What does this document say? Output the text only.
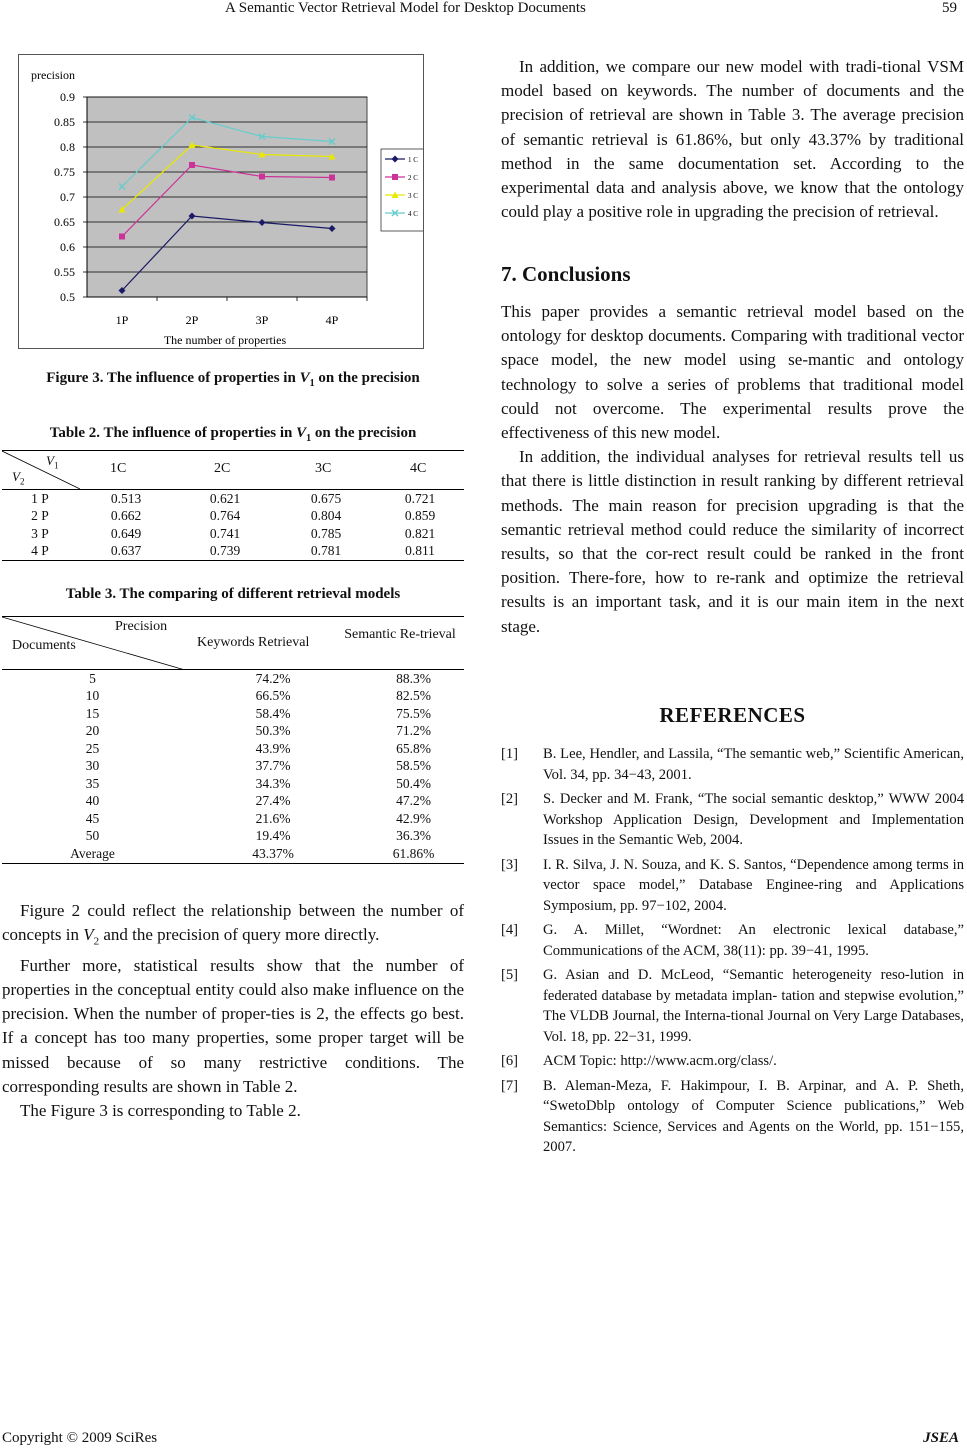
A Semantic Vector Retrieval Model for Desktop Documents	59
0.9
0.85
0.8
0.75
0.7
0.65
0.6
0.55
0.5
1P	2P	3P	4P
precision
The number of properties
1 C
2 C
3 C
4 C
Figure 3. The influence of properties in $V_1$ on the precision
Table 2. The influence of properties in $V_1$ on the precision
$V_1$
$V_2$
1C	2C	3C	4C
1 P	0.513	0.621	0.675	0.721
2 P	0.662	0.764	0.804	0.859
3 P	0.649	0.741	0.785	0.821
4 P	0.637	0.739	0.781	0.811
Table 3. The comparing of different retrieval models
Precision
Documents	Keywords Retrieval
Semantic Re-trieval
5	74.2%	88.3%
10	66.5%	82.5%
15	58.4%	75.5%
20	50.3%	71.2%
25	43.9%	65.8%
30	37.7%	58.5%
35	34.3%	50.4%
40	27.4%	47.2%
45	21.6%	42.9%
50	19.4%	36.3%
Average	43.37%	61.86%

Figure 2 could reflect the relationship between the number of concepts in $V_2$ and the precision of query more directly.

Further more, statistical results show that the number of properties in the conceptual entity could also make influence on the precision. When the number of proper-ties is 2, the effects go best. If a concept has too many properties, some proper target will be missed because of so many restrictive conditions. The corresponding results are shown in Table 2.

The Figure 3 is corresponding to Table 2.

In addition, we compare our new model with tradi-tional VSM model based on keywords. The number of documents and the precision of retrieval are shown in Table 3. The average precision of semantic retrieval is 61.86%, but only 43.37% by traditional method in the same documentation set. According to the experimental data and analysis above, we know that the ontology could play a positive role in upgrading the precision of retrieval.

7. Conclusions

This paper provides a semantic retrieval model based on the ontology for desktop documents. Comparing with traditional vector space model, the new model using se-mantic and ontology technology to solve a series of problems that traditional model could not overcome. The experimental results prove the effectiveness of this new model.

In addition, the individual analyses for retrieval results tell us that there is little distinction in result ranking by different retrieval methods. The main reason for precision upgrading is that the semantic retrieval method could reduce the similarity of incorrect results, so that the cor-rect result could be ranked in the front position. There-fore, how to re-rank and optimize the retrieval results is an important task, and it is our main item in the next stage.

REFERENCES
[1]	B. Lee, Hendler, and Lassila, “The semantic web,” Scientific American, Vol. 34, pp. 34−43, 2001.
[2]	S. Decker and M. Frank, “The social semantic desktop,” WWW 2004 Workshop Application Design, Development and Implementation Issues in the Semantic Web, 2004.
[3]	I. R. Silva, J. N. Souza, and K. S. Santos, “Dependence among terms in vector space model,” Database Enginee-ring and Applications Symposium, pp. 97−102, 2004.
[4]	G. A. Millet, “Wordnet: An electronic lexical database,” Communications of the ACM, 38(11): pp. 39−41, 1995.
[5]	G. Asian and D. McLeod, “Semantic heterogeneity reso-lution in federated database by metadata implan- tation and stepwise evolution,” The VLDB Journal, the Interna-tional Journal on Very Large Databases, Vol. 18, pp. 22−31, 1999.
[6]	ACM Topic: http://www.acm.org/class/.
[7]	B. Aleman-Meza, F. Hakimpour, I. B. Arpinar, and A. P. Sheth, “SwetoDblp ontology of Computer Science publications,” Web Semantics: Science, Services and Agents on the World, pp. 151−155, 2007.
Copyright © 2009 SciRes	JSEA
